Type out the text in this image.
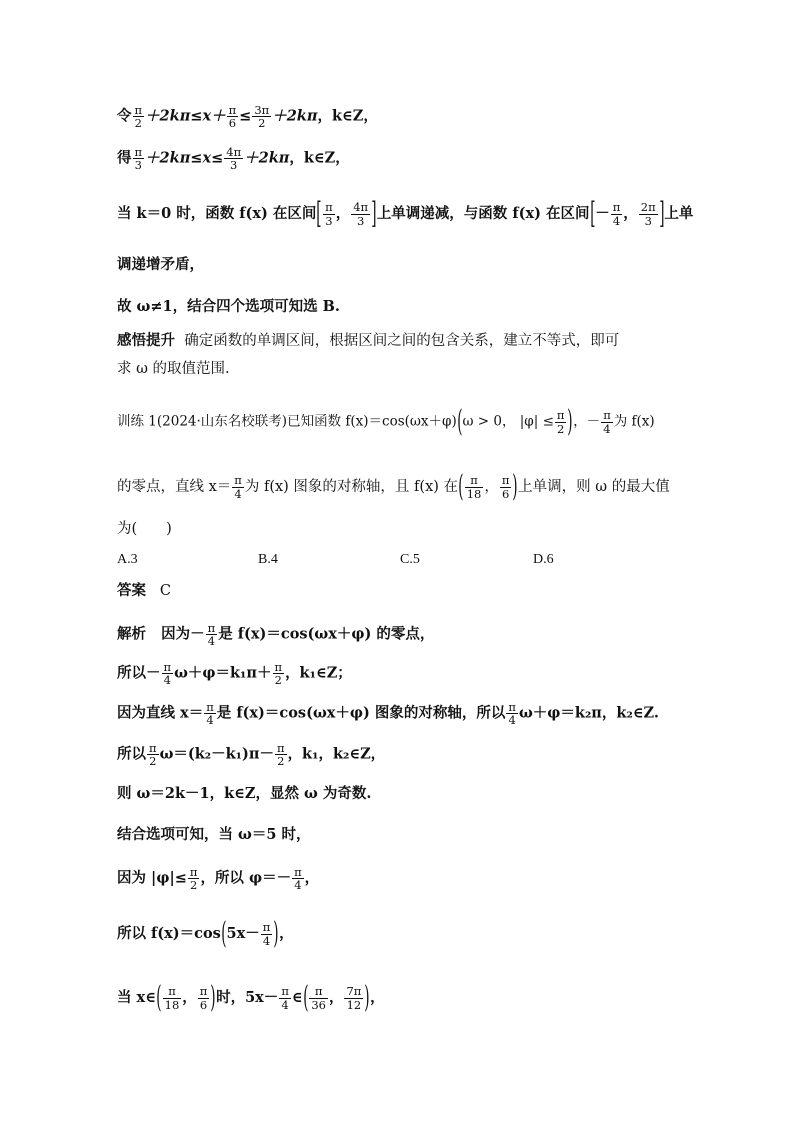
令 $\frac{\pi}{2} +2k\pi\le x+ \frac{\pi}{6} \le \frac{3\pi}{2} +2k\pi$，k∈Z，
得 $\frac{\pi}{3} +2k\pi\le x\le \frac{4\pi}{3} +2k\pi$，k∈Z，
当 k＝0 时，函数 f(x) 在区间[ $\frac{\pi}{3}$ ， $\frac{4\pi}{3}$ ]上单调递减，与函数 f(x) 在区间[－ $\frac{\pi}{4}$ ， $\frac{2\pi}{3}$ ]上单
调递增矛盾，
故 ω≠1，结合四个选项可知选 B.
感悟提升 确定函数的单调区间，根据区间之间的包含关系，建立不等式，即可
求 ω 的取值范围.
训练 1(2024·山东名校联考)已知函数 f(x)＝cos(ωx＋φ)(ω > 0， $|\varphi| \le \frac{\pi}{2}$ )，－ $\frac{\pi}{4}$ 为 f(x)
的零点，直线 $x= \frac{\pi}{4}$ 为 f(x) 图象的对称轴，且 f(x) 在( $\frac{\pi}{18}$ ， $\frac{\pi}{6}$ )上单调，则 ω 的最大值
为(　　)
A.3	B.4	C.5	D.6
答案 C
解析 因为－ $\frac{\pi}{4}$ 是 f(x)＝cos(ωx＋φ) 的零点，
所以－ $\frac{\pi}{4} \omega+\varphi=k_1\pi+ \frac{\pi}{2}$ ，k₁∈Z；
因为直线 $x= \frac{\pi}{4}$ 是 f(x)＝cos(ωx＋φ) 图象的对称轴，所以 $\frac{\pi}{4} \omega+\varphi=k_2\pi$，k₂∈Z.
所以 $\frac{\pi}{2} \omega=(k_2-k_1)\pi- \frac{\pi}{2}$ ，k₁，k₂∈Z，
则 ω＝2k－1，k∈Z，显然 ω 为奇数.
结合选项可知，当 ω＝5 时，
因为 $|\varphi|\le \frac{\pi}{2}$ ，所以 $\varphi=- \frac{\pi}{4}$ ，
所以 $f(x)=\cos(5x- \frac{\pi}{4}$ )，
当 x∈( $\frac{\pi}{18}$ ， $\frac{\pi}{6}$ )时，$5x- \frac{\pi}{4}$ ∈( $\frac{\pi}{36}$ ， $\frac{7\pi}{12}$ )，
